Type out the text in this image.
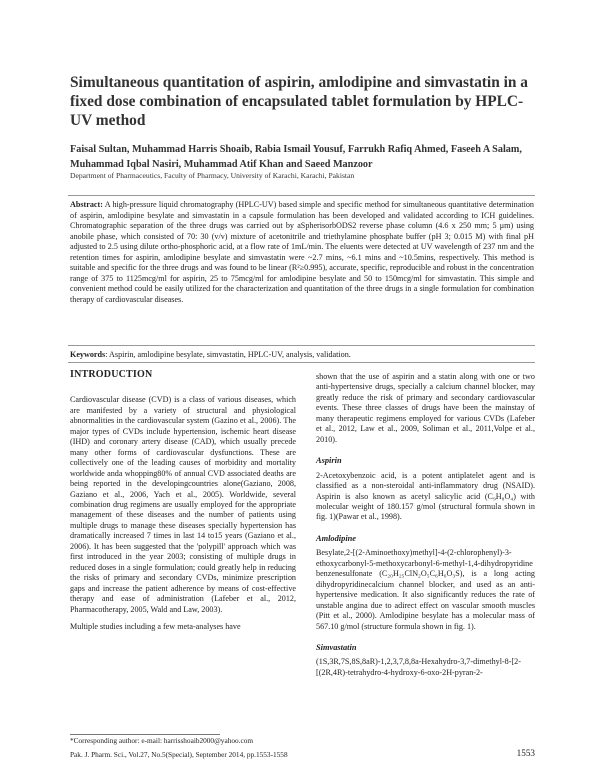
Simultaneous quantitation of aspirin, amlodipine and simvastatin in a fixed dose combination of encapsulated tablet formulation by HPLC-UV method
Faisal Sultan, Muhammad Harris Shoaib, Rabia Ismail Yousuf, Farrukh Rafiq Ahmed, Faseeh A Salam, Muhammad Iqbal Nasiri, Muhammad Atif Khan and Saeed Manzoor
Department of Pharmaceutics, Faculty of Pharmacy, University of Karachi, Karachi, Pakistan
Abstract: A high-pressure liquid chromatography (HPLC-UV) based simple and specific method for simultaneous quantitative determination of aspirin, amlodipine besylate and simvastatin in a capsule formulation has been developed and validated according to ICH guidelines. Chromatographic separation of the three drugs was carried out by aSpherisorbODS2 reverse phase column (4.6 x 250 mm; 5 μm) using anobile phase, which consisted of 70: 30 (v/v) mixture of acetonitrile and triethylamine phosphate buffer (pH 3; 0.015 M) with final pH adjusted to 2.5 using dilute ortho-phosphoric acid, at a flow rate of 1mL/min. The eluents were detected at UV wavelength of 237 nm and the retention times for aspirin, amlodipine besylate and simvastatin were ~2.7 mins, ~6.1 mins and ~10.5mins, respectively. This method is suitable and specific for the three drugs and was found to be linear (R²≥0.995), accurate, specific, reproducible and robust in the concentration range of 375 to 1125mcg/ml for aspirin, 25 to 75mcg/ml for amlodipine besylate and 50 to 150mcg/ml for simvastatin. This simple and convenient method could be easily utilized for the characterization and quantitation of the three drugs in a single formulation for combination therapy of cardiovascular diseases.
Keywords: Aspirin, amlodipine besylate, simvastatin, HPLC-UV, analysis, validation.
INTRODUCTION

Cardiovascular disease (CVD) is a class of various diseases, which are manifested by a variety of structural and physiological abnormalities in the cardiovascular system (Gazino et al., 2006). The major types of CVDs include hypertension, ischemic heart disease (IHD) and coronary artery disease (CAD), which usually precede many other forms of cardiovascular dysfunctions. These are collectively one of the leading causes of morbidity and mortality worldwide anda whopping80% of annual CVD associated deaths are being reported in the developingcountries alone(Gaziano, 2008, Gaziano et al., 2006, Yach et al., 2005). Worldwide, several combination drug regimens are usually employed for the appropriate management of these diseases and the number of patients using multiple drugs to manage these diseases specially hypertension has dramatically increased 7 times in last 14 to15 years (Gaziano et al., 2006). It has been suggested that the 'polypill' approach which was first introduced in the year 2003; consisting of multiple drugs in reduced doses in a single formulation; could greatly help in reducing the risks of primary and secondary CVDs, minimize prescription gaps and increase the patient adherence by means of cost-effective therapy and ease of administration (Lafeber et al., 2012, Pharmacotherapy, 2005, Wald and Law, 2003).

Multiple studies including a few meta-analyses have

shown that the use of aspirin and a statin along with one or two anti-hypertensive drugs, specially a calcium channel blocker, may greatly reduce the risk of primary and secondary cardiovascular events. These three classes of drugs have been the mainstay of many therapeutic regimens employed for various CVDs (Lafeber et al., 2012, Law et al., 2009, Soliman et al., 2011,Volpe et al., 2010).

Aspirin

2-Acetoxybenzoic acid, is a potent antiplatelet agent and is classified as a non-steroidal anti-inflammatory drug (NSAID). Aspirin is also known as acetyl salicylic acid (C₉H₈O₄) with molecular weight of 180.157 g/mol (structural formula shown in fig. 1)(Pawar et al., 1998).

Amlodipine

Besylate,2-[(2-Aminoethoxy)methyl]-4-(2-chlorophenyl)-3-ethoxycarbonyl-5-methoxycarbonyl-6-methyl-1,4-dihydropyridine benzenesulfonate (C₂₀H₂₅ClN₂O₅C₆H₆O₃S), is a long acting dihydropyridinecalcium channel blocker, and used as an anti-hypertensive medication. It also significantly reduces the rate of unstable angina due to adirect effect on vascular smooth muscles (Pitt et al., 2000). Amlodipine besylate has a molecular mass of 567.10 g/mol (structure formula shown in fig. 1).

Simvastatin

(1S,3R,7S,8S,8aR)-1,2,3,7,8,8a-Hexahydro-3,7-dimethyl-8-[2-[(2R,4R)-tetrahydro-4-hydroxy-6-oxo-2H-pyran-2-

*Corresponding author: e-mail: harrisshoaib2000@yahoo.com
Pak. J. Pharm. Sci., Vol.27, No.5(Special), September 2014, pp.1553-1558	1553
